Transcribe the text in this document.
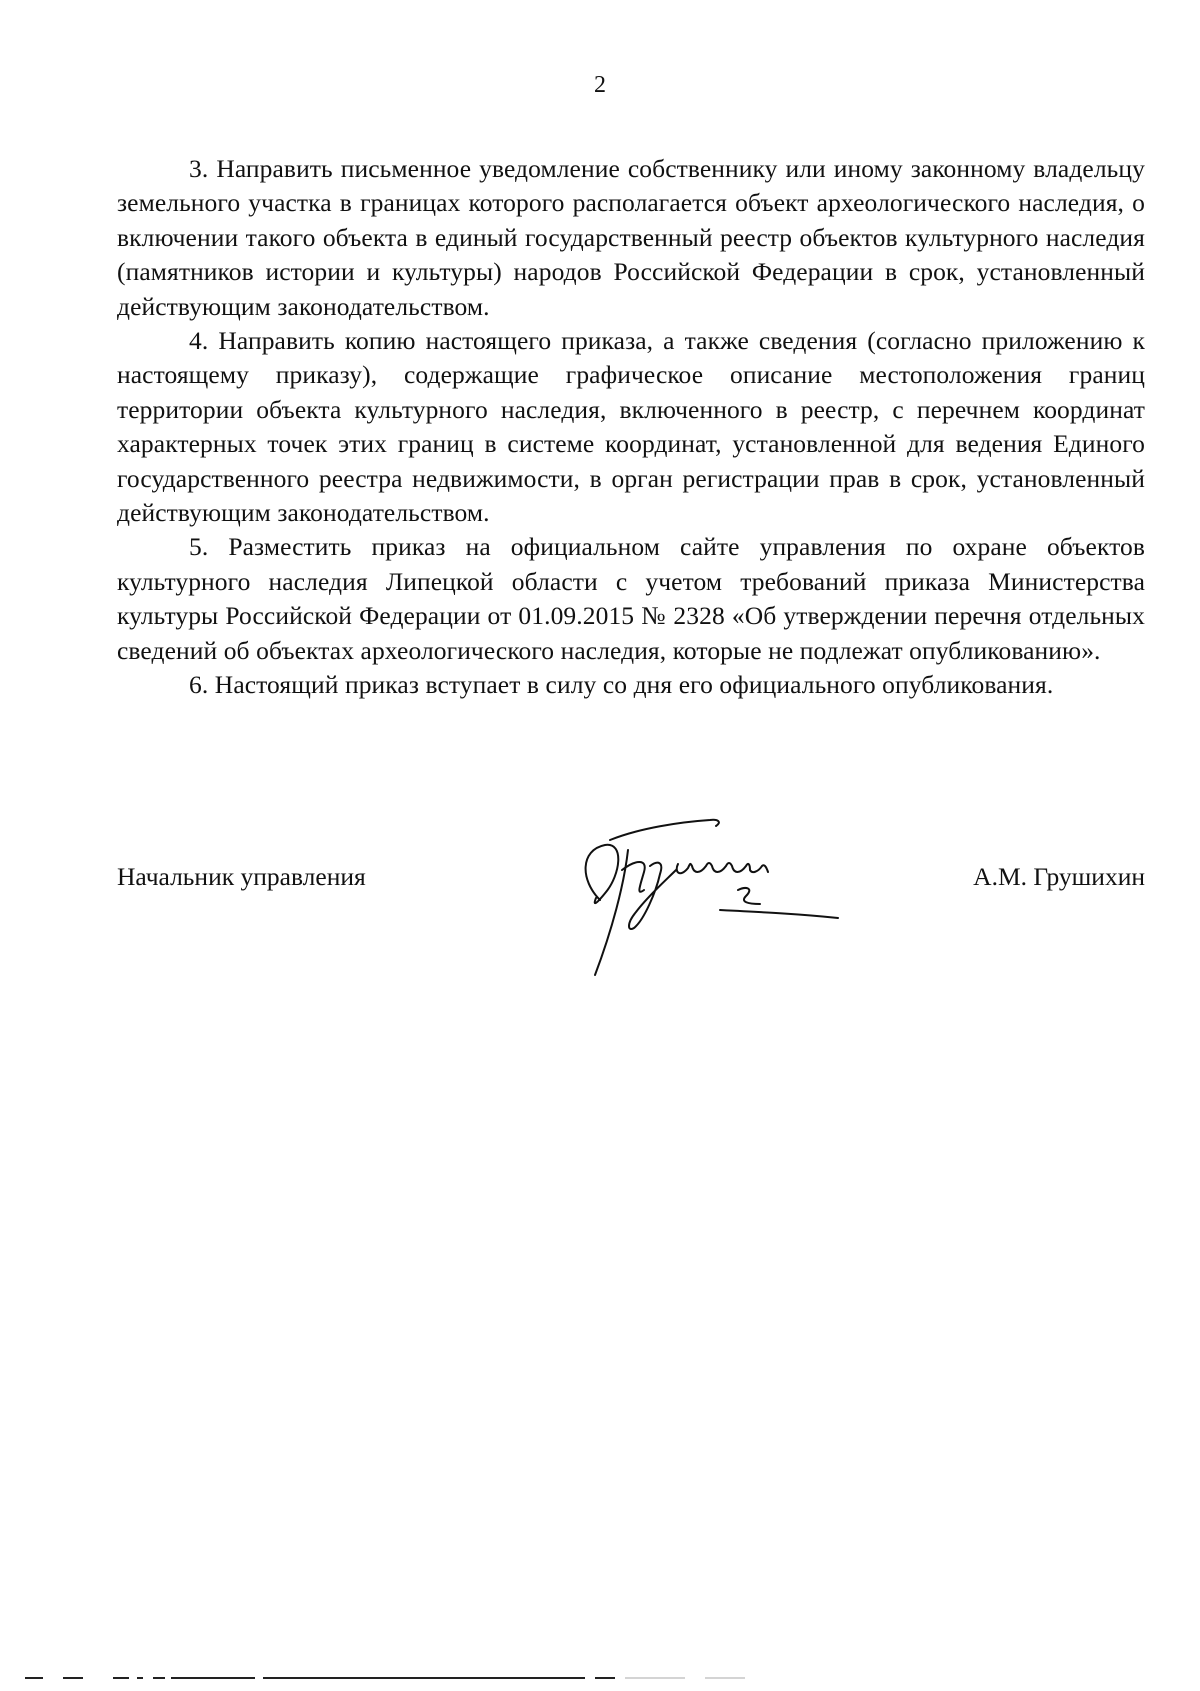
2

3. Направить письменное уведомление собственнику или иному законному владельцу земельного участка в границах которого располагается объект археологического наследия, о включении такого объекта в единый государственный реестр объектов культурного наследия (памятников истории и культуры) народов Российской Федерации в срок, установленный действующим законодательством.

4. Направить копию настоящего приказа, а также сведения (согласно приложению к настоящему приказу), содержащие графическое описание местоположения границ территории объекта культурного наследия, включенного в реестр, с перечнем координат характерных точек этих границ в системе координат, установленной для ведения Единого государственного реестра недвижимости, в орган регистрации прав в срок, установленный действующим законодательством.

5. Разместить приказ на официальном сайте управления по охране объектов культурного наследия Липецкой области с учетом требований приказа Министерства культуры Российской Федерации от 01.09.2015 № 2328 «Об утверждении перечня отдельных сведений об объектах археологического наследия, которые не подлежат опубликованию».

6. Настоящий приказ вступает в силу со дня его официального опубликования.

Начальник управления	А.М. Грушихин
